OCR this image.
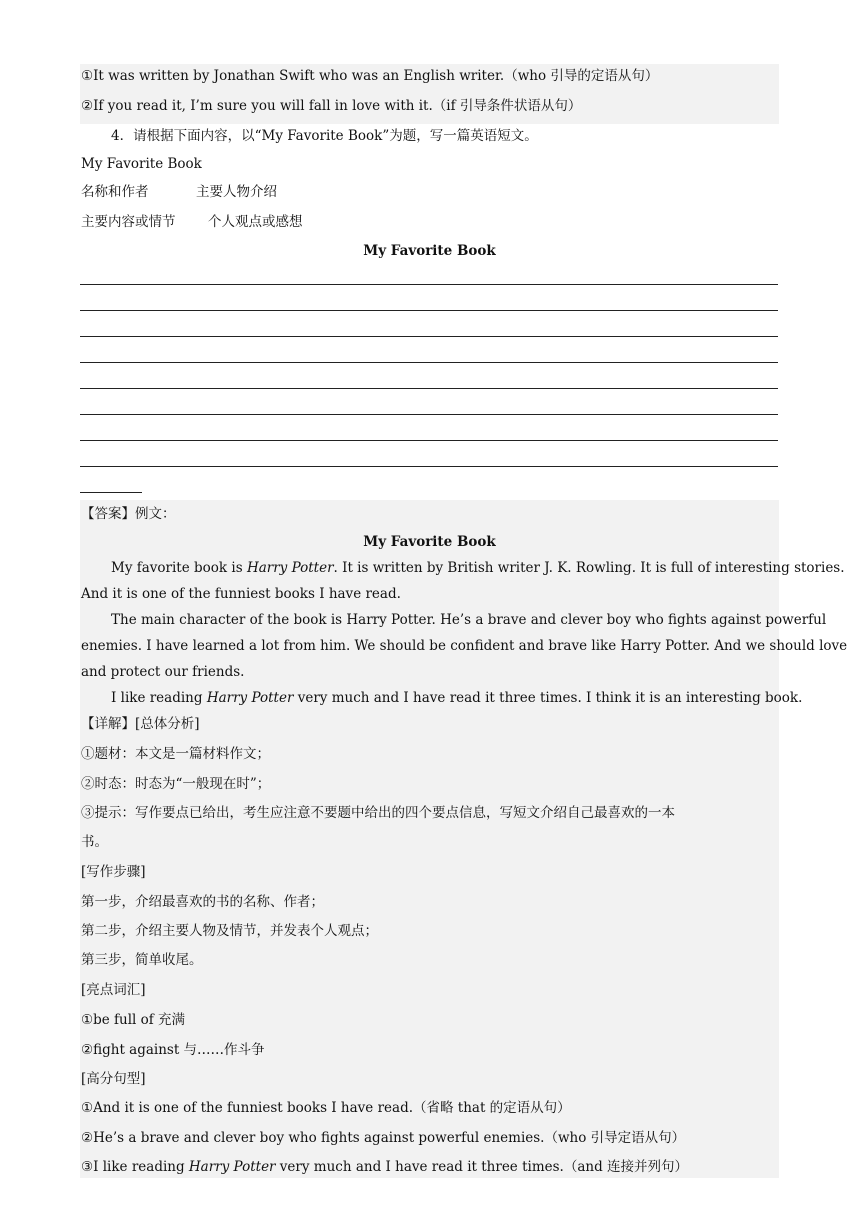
①It was written by Jonathan Swift who was an English writer.（who 引导的定语从句）
②If you read it, I’m sure you will fall in love with it.（if 引导条件状语从句）
4．请根据下面内容，以“My Favorite Book”为题，写一篇英语短文。
My Favorite Book
名称和作者	主要人物介绍
主要内容或情节 个人观点或感想
My Favorite Book
【答案】例文：
My Favorite Book
My favorite book is Harry Potter. It is written by British writer J. K. Rowling. It is full of interesting stories.
And it is one of the funniest books I have read.
The main character of the book is Harry Potter. He’s a brave and clever boy who fights against powerful
enemies. I have learned a lot from him. We should be confident and brave like Harry Potter. And we should love
and protect our friends.
I like reading Harry Potter very much and I have read it three times. I think it is an interesting book.
【详解】[总体分析]
①题材：本文是一篇材料作文；
②时态：时态为“一般现在时”；
③提示：写作要点已给出，考生应注意不要题中给出的四个要点信息，写短文介绍自己最喜欢的一本
书。
[写作步骤]
第一步，介绍最喜欢的书的名称、作者；
第二步，介绍主要人物及情节，并发表个人观点；
第三步，简单收尾。
[亮点词汇]
①be full of 充满
②fight against 与……作斗争
[高分句型]
①And it is one of the funniest books I have read.（省略 that 的定语从句）
②He’s a brave and clever boy who fights against powerful enemies.（who 引导定语从句）
③I like reading Harry Potter very much and I have read it three times.（and 连接并列句）
